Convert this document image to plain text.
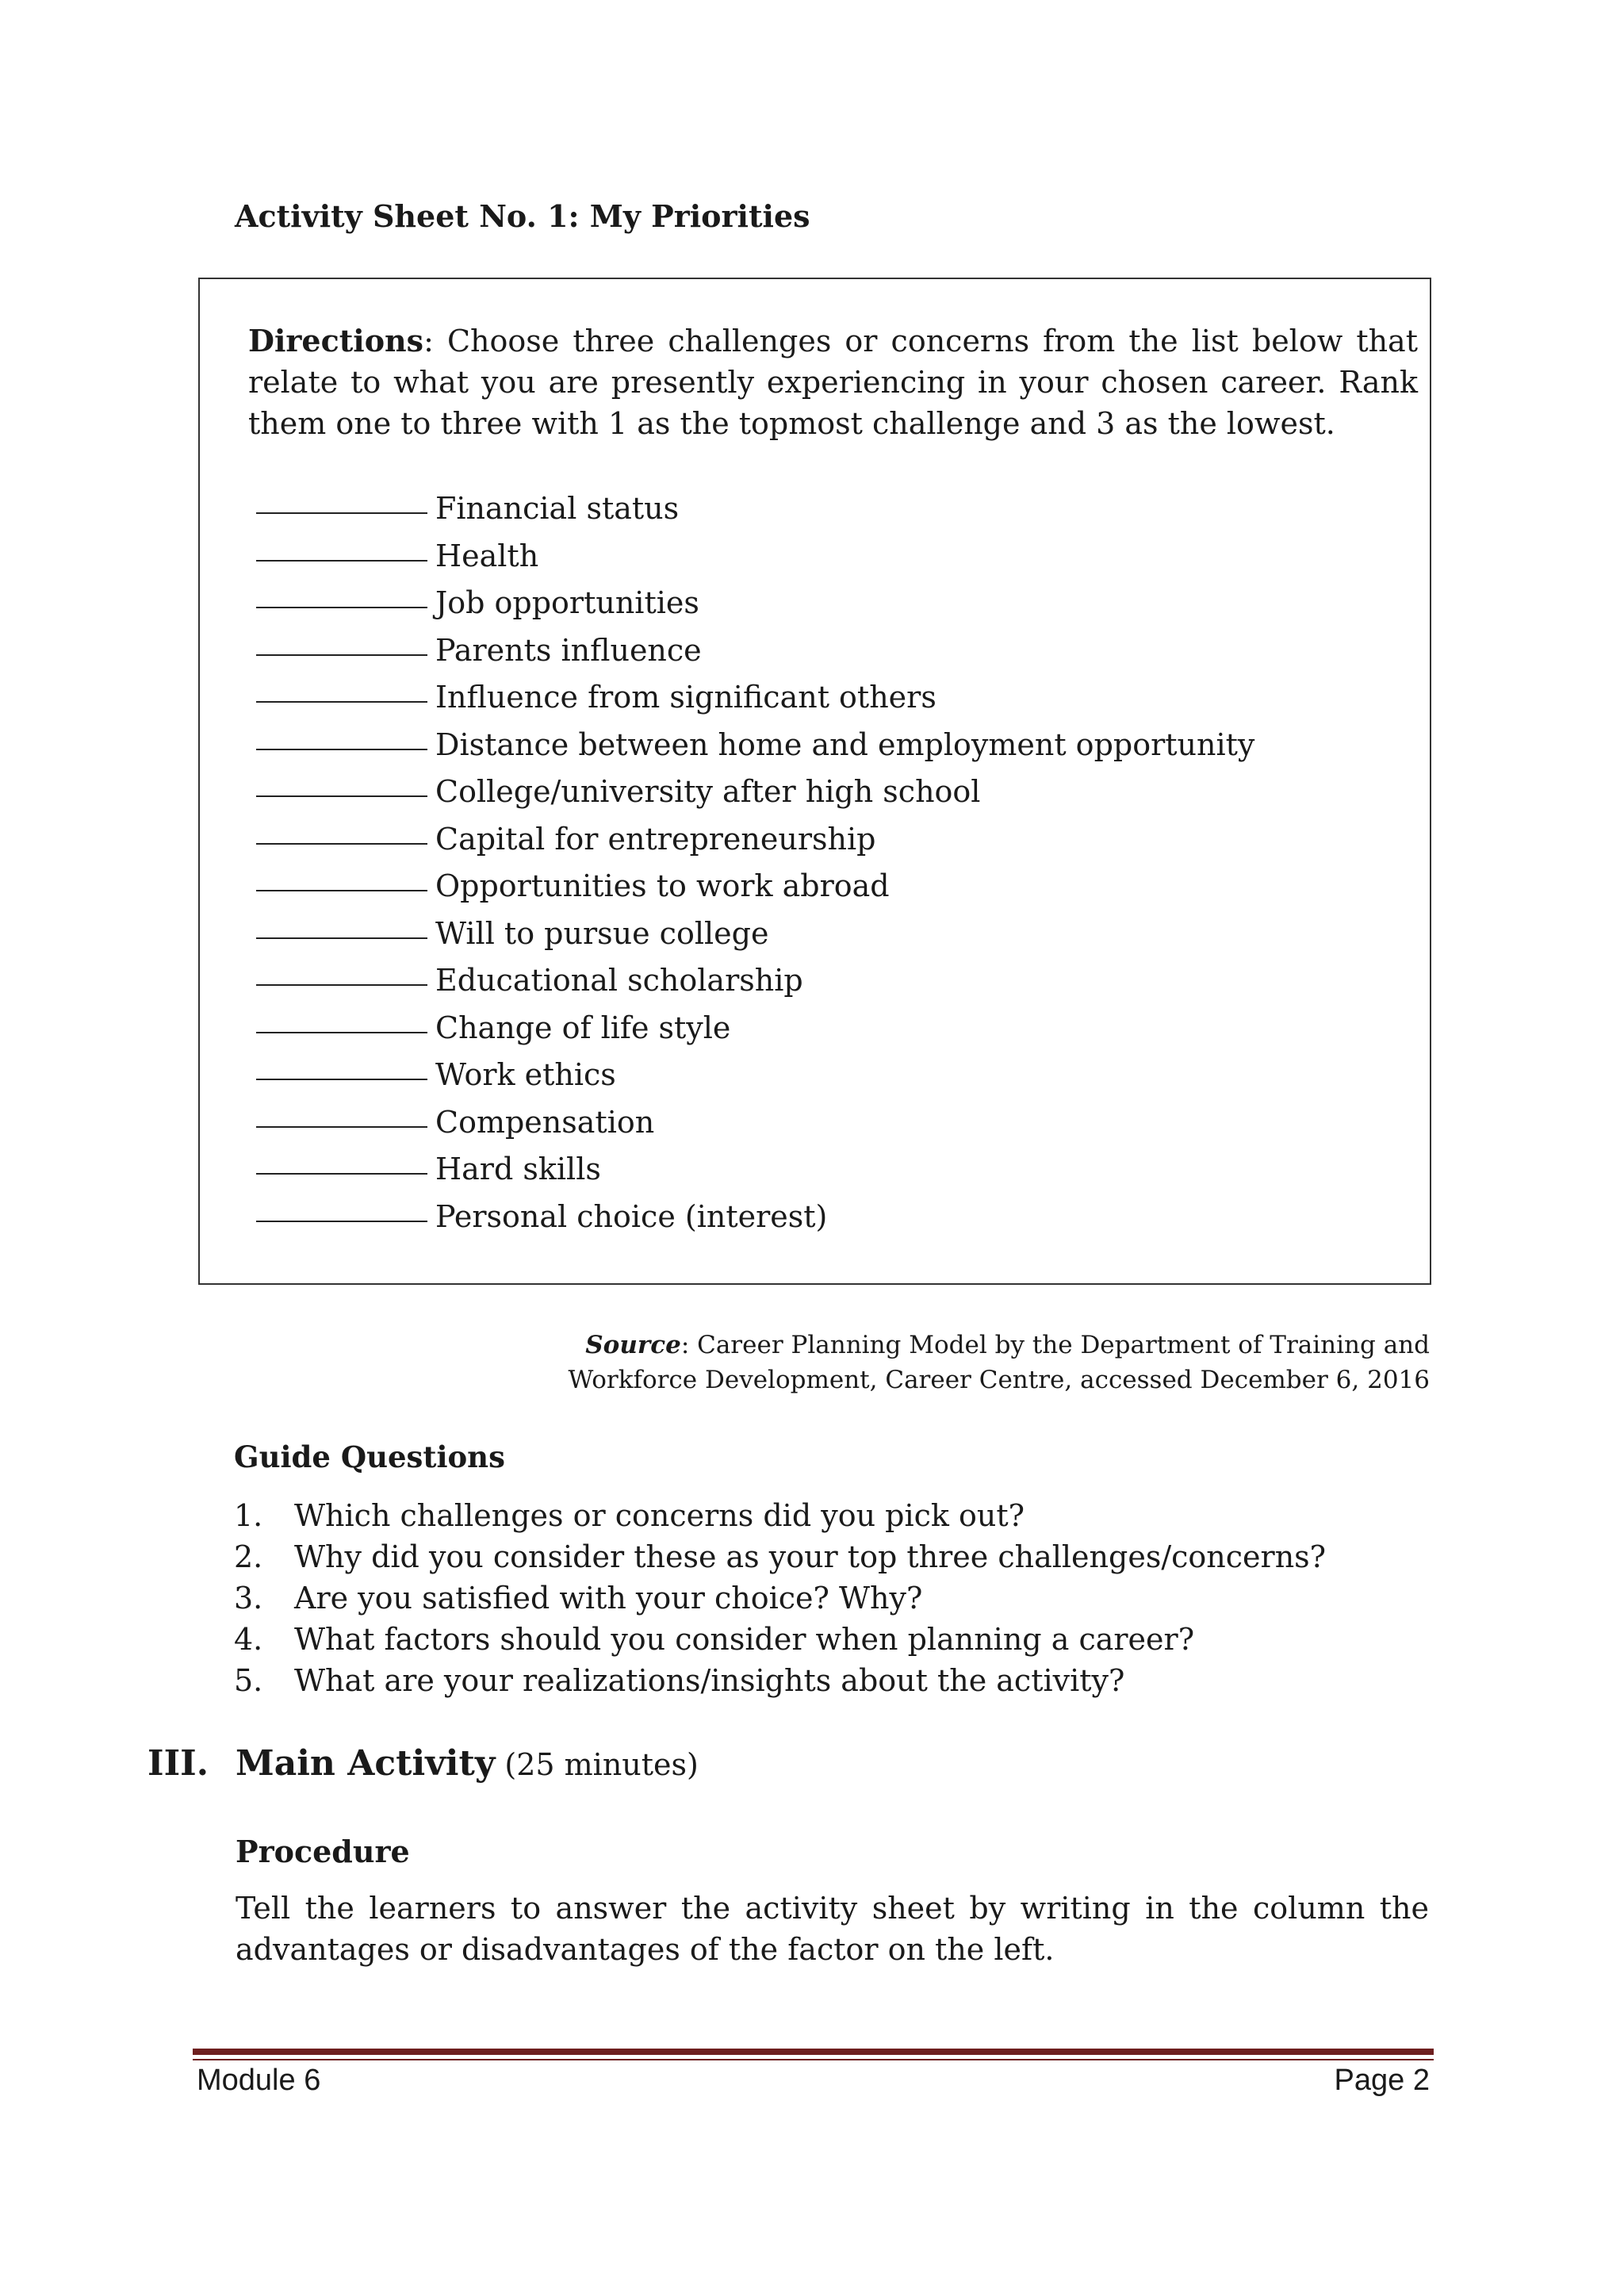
Activity Sheet No. 1: My Priorities
Directions: Choose three challenges or concerns from the list below that relate to what you are presently experiencing in your chosen career. Rank them one to three with 1 as the topmost challenge and 3 as the lowest.
Financial status
Health
Job opportunities
Parents influence
Influence from significant others
Distance between home and employment opportunity
College/university after high school
Capital for entrepreneurship
Opportunities to work abroad
Will to pursue college
Educational scholarship
Change of life style
Work ethics
Compensation
Hard skills
Personal choice (interest)
Source: Career Planning Model by the Department of Training and
Workforce Development, Career Centre, accessed December 6, 2016
Guide Questions
1.	Which challenges or concerns did you pick out?
2.	Why did you consider these as your top three challenges/concerns?
3.	Are you satisfied with your choice? Why?
4.	What factors should you consider when planning a career?
5.	What are your realizations/insights about the activity?
III. Main Activity (25 minutes)
Procedure
Tell the learners to answer the activity sheet by writing in the column the advantages or disadvantages of the factor on the left.
Module 6	Page 2
